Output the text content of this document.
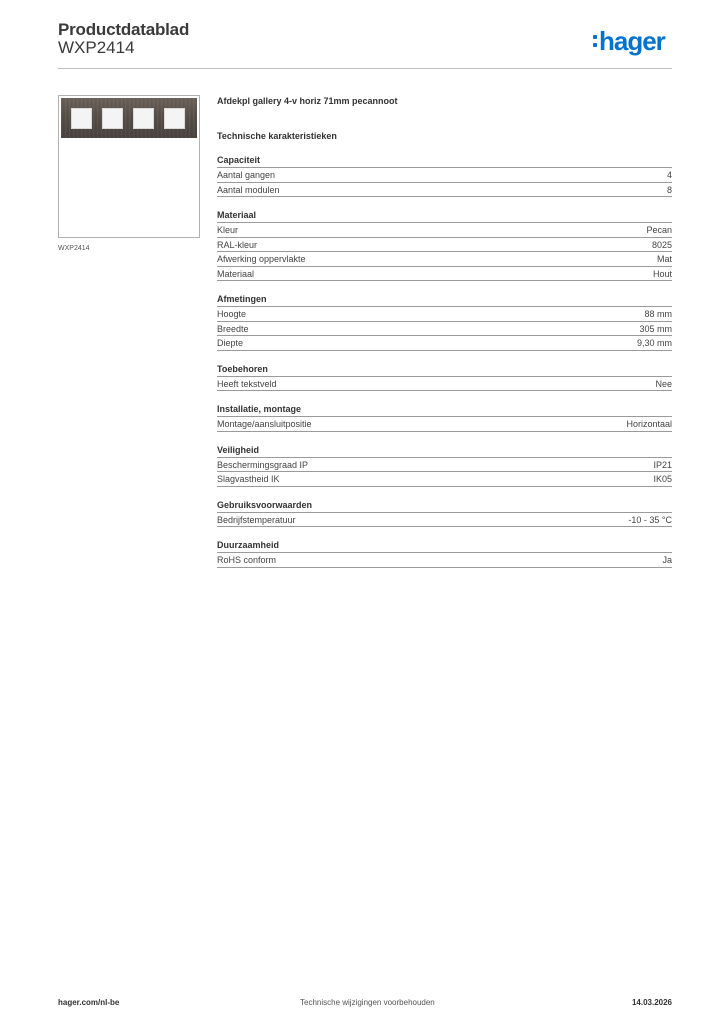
Productdatablad
WXP2414	hager
WXP2414
Afdekpl gallery 4-v horiz 71mm pecannoot
Technische karakteristieken
Capaciteit
Aantal gangen	4
Aantal modulen	8
Materiaal
Kleur	Pecan
RAL-kleur	8025
Afwerking oppervlakte	Mat
Materiaal	Hout
Afmetingen
Hoogte	88 mm
Breedte	305 mm
Diepte	9,30 mm
Toebehoren
Heeft tekstveld	Nee
Installatie, montage
Montage/aansluitpositie	Horizontaal
Veiligheid
Beschermingsgraad IP	IP21
Slagvastheid IK	IK05
Gebruiksvoorwaarden
Bedrijfstemperatuur	-10 - 35 °C
Duurzaamheid
RoHS conform	Ja
hager.com/nl-be	Technische wijzigingen voorbehouden	14.03.2026
